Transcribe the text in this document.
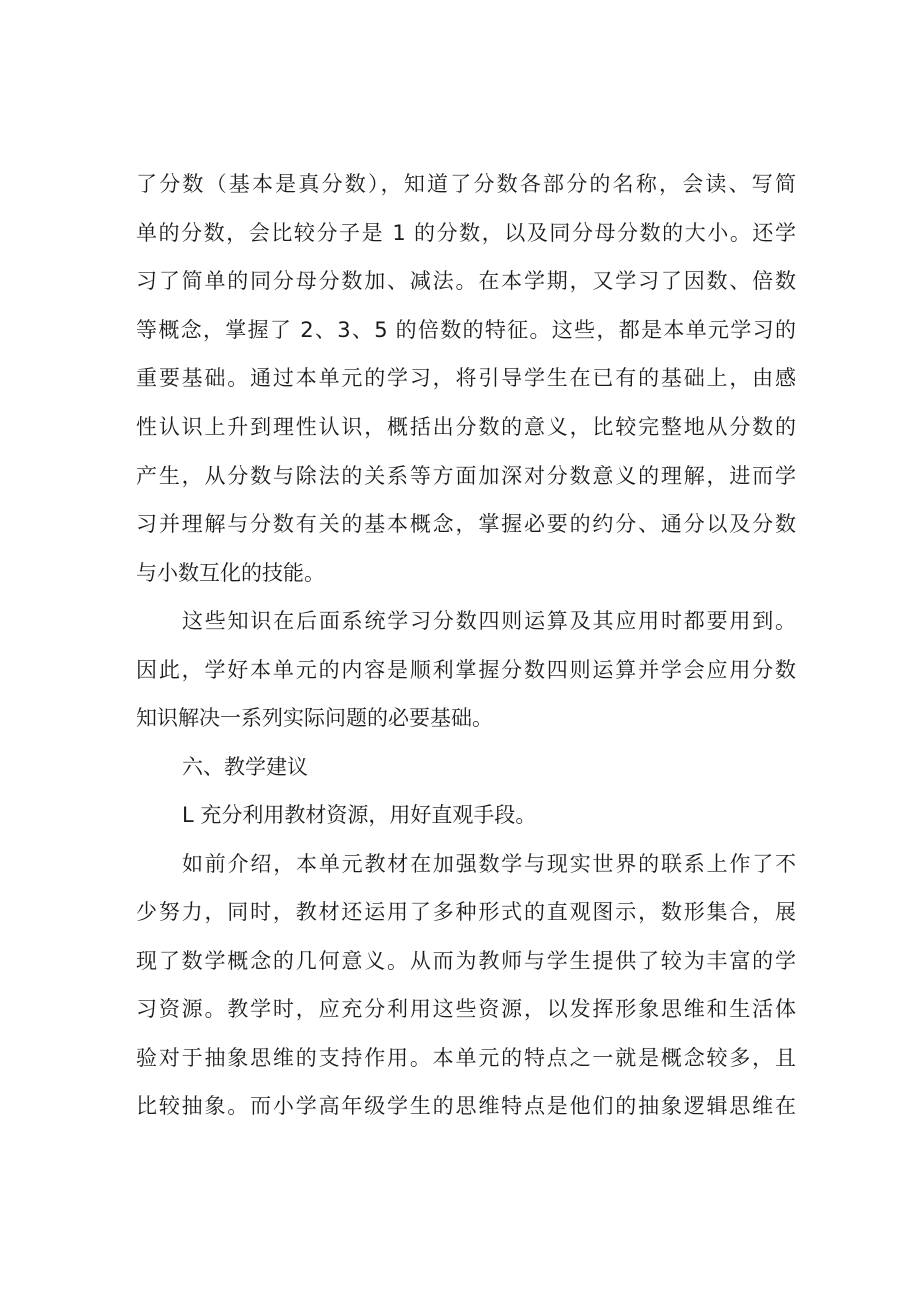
了分数（基本是真分数），知道了分数各部分的名称，会读、写简
单的分数，会比较分子是 1 的分数，以及同分母分数的大小。还学
习了简单的同分母分数加、减法。在本学期，又学习了因数、倍数
等概念，掌握了 2、3、5 的倍数的特征。这些，都是本单元学习的
重要基础。通过本单元的学习，将引导学生在已有的基础上，由感
性认识上升到理性认识，概括出分数的意义，比较完整地从分数的
产生，从分数与除法的关系等方面加深对分数意义的理解，进而学
习并理解与分数有关的基本概念，掌握必要的约分、通分以及分数
与小数互化的技能。
这些知识在后面系统学习分数四则运算及其应用时都要用到。
因此，学好本单元的内容是顺利掌握分数四则运算并学会应用分数
知识解决一系列实际问题的必要基础。
六、教学建议
L 充分利用教材资源，用好直观手段。
如前介绍，本单元教材在加强数学与现实世界的联系上作了不
少努力，同时，教材还运用了多种形式的直观图示，数形集合，展
现了数学概念的几何意义。从而为教师与学生提供了较为丰富的学
习资源。教学时，应充分利用这些资源，以发挥形象思维和生活体
验对于抽象思维的支持作用。本单元的特点之一就是概念较多，且
比较抽象。而小学高年级学生的思维特点是他们的抽象逻辑思维在
